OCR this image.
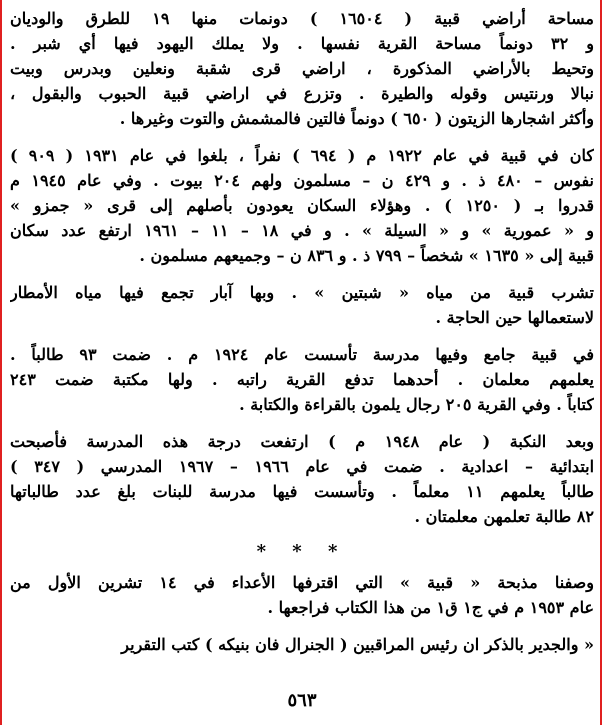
مساحة أراضي قبية ( ١٦٥٠٤ ) دونمات منها ١٩ للطرق والوديان
و ٣٢ دونماً مساحة القرية نفسها . ولا يملك اليهود فيها أي شبر .
وتحيط بالأراضي المذكورة ، اراضي قرى شقبة ونعلين وبدرس وبيت
نبالا ورنتيس وقوله والطيرة . وتزرع في اراضي قبية الحبوب والبقول ،
وأكثر اشجارها الزيتون ( ٦٥٠ ) دونماً فالتين فالمشمش والتوت وغيرها .
كان في قبية في عام ١٩٢٢ م ( ٦٩٤ ) نفراً ، بلغوا في عام ١٩٣١ ( ٩٠٩ )
نفوس – ٤٨٠ ذ . و ٤٢٩ ن – مسلمون ولهم ٢٠٤ بيوت . وفي عام ١٩٤٥ م
قدروا بـ ( ١٢٥٠ ) . وهؤلاء السكان يعودون بأصلهم إلى قرى « جمزو »
و « عمورية » و « السيلة » . و في ١٨ – ١١ – ١٩٦١ ارتفع عدد سكان
قبية إلى « ١٦٣٥ » شخصاً – ٧٩٩ ذ . و ٨٣٦ ن – وجميعهم مسلمون .
تشرب قبية من مياه « شبتين » . وبها آبار تجمع فيها مياه الأمطار
لاستعمالها حين الحاجة .
في قبية جامع وفيها مدرسة تأسست عام ١٩٢٤ م . ضمت ٩٣ طالباً .
يعلمهم معلمان . أحدهما تدفع القرية راتبه . ولها مكتبة ضمت ٢٤٣
كتاباً . وفي القرية ٢٠٥ رجال يلمون بالقراءة والكتابة .
وبعد النكبة ( عام ١٩٤٨ م ) ارتفعت درجة هذه المدرسة فأصبحت
ابتدائية – اعدادية . ضمت في عام ١٩٦٦ – ١٩٦٧ المدرسي ( ٣٤٧ )
طالباً يعلمهم ١١ معلماً . وتأسست فيها مدرسة للبنات بلغ عدد طالباتها
٨٢ طالبة تعلمهن معلمتان .
* * *
وصفنا مذبحة « قبية » التي اقترفها الأعداء في ١٤ تشرين الأول من
عام ١٩٥٣ م في ج١ ق١ من هذا الكتاب فراجعها .
« والجدير بالذكر ان رئيس المراقبين ( الجنرال فان بنيكه ) كتب التقرير
٥٦٣
